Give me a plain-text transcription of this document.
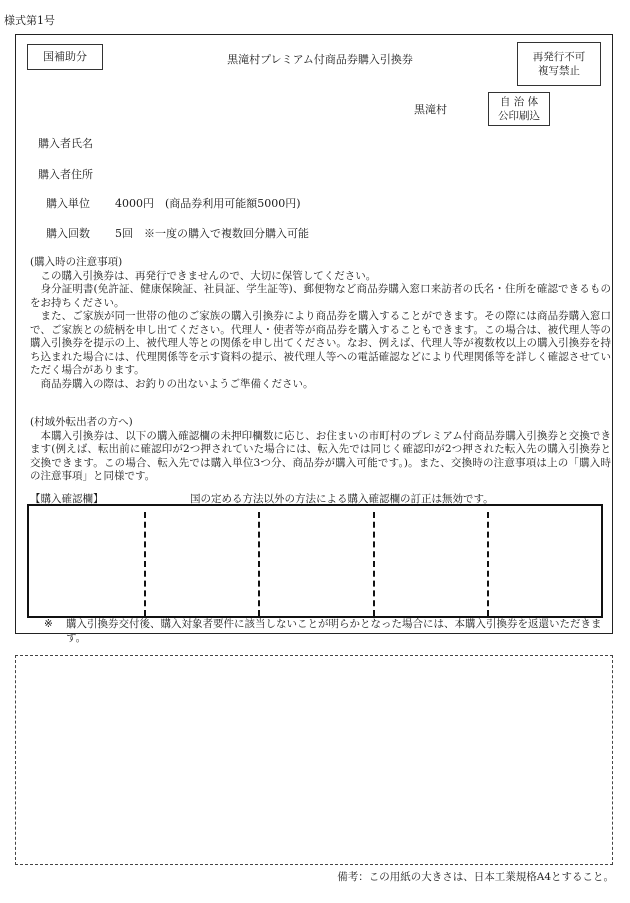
様式第1号
国補助分	黒滝村プレミアム付商品券購入引換券	再発行不可
複写禁止
黒滝村
自 治 体
公印刷込
購入者氏名
購入者住所
購入単位 4000円　(商品券利用可能額5000円)
購入回数 5回　※一度の購入で複数回分購入可能

(購入時の注意事項)

この購入引換券は、再発行できませんので、大切に保管してください。

身分証明書(免許証、健康保険証、社員証、学生証等)、郵便物など商品券購入窓口来訪者の氏名・住所を確認できるものをお持ちください。

また、ご家族が同一世帯の他のご家族の購入引換券により商品券を購入することができます。その際には商品券購入窓口で、ご家族との続柄を申し出てください。代理人・使者等が商品券を購入することもできます。この場合は、被代理人等の購入引換券を提示の上、被代理人等との関係を申し出てください。なお、例えば、代理人等が複数枚以上の購入引換券を持ち込まれた場合には、代理関係等を示す資料の提示、被代理人等への電話確認などにより代理関係等を詳しく確認させていただく場合があります。

商品券購入の際は、お釣りの出ないようご準備ください。

(村域外転出者の方へ)

本購入引換券は、以下の購入確認欄の未押印欄数に応じ、お住まいの市町村のプレミアム付商品券購入引換券と交換できます(例えば、転出前に確認印が2つ押されていた場合には、転入先では同じく確認印が2つ押された転入先の購入引換券と交換できます。この場合、転入先では購入単位3つ分、商品券が購入可能です。)。また、交換時の注意事項は上の「購入時の注意事項」と同様です。

【購入確認欄】	国の定める方法以外の方法による購入確認欄の訂正は無効です。
※ 購入引換券交付後、購入対象者要件に該当しないことが明らかとなった場合には、本購入引換券を返還いただきます。
備考：この用紙の大きさは、日本工業規格A4とすること。
